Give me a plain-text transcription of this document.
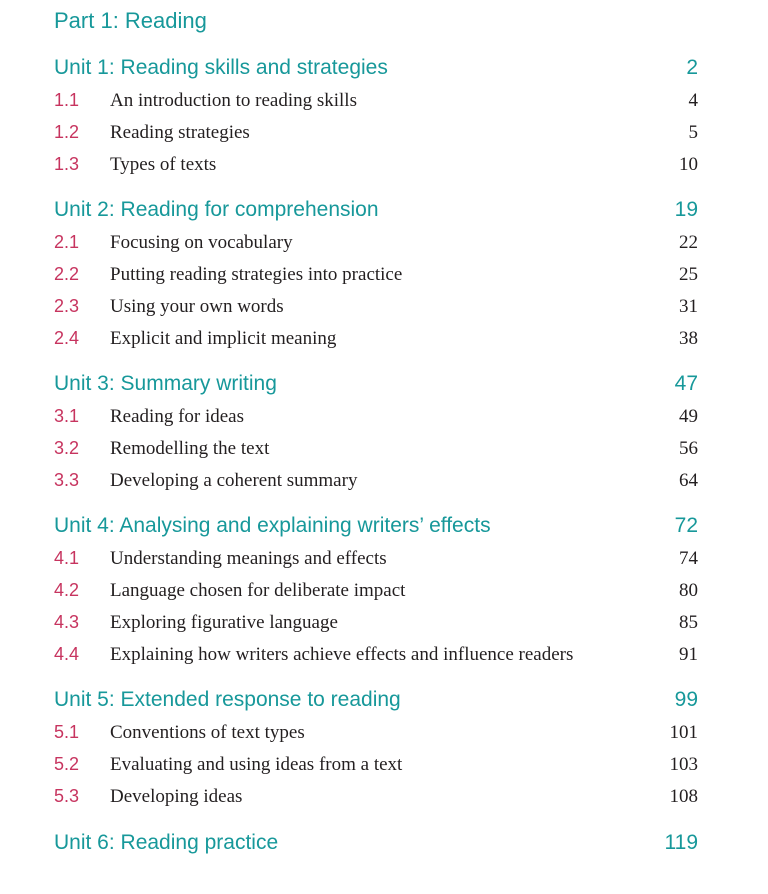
Part 1: Reading
Unit 1: Reading skills and strategies	2
1.1	An introduction to reading skills	4
1.2	Reading strategies	5
1.3	Types of texts	10
Unit 2: Reading for comprehension	19
2.1	Focusing on vocabulary	22
2.2	Putting reading strategies into practice	25
2.3	Using your own words	31
2.4	Explicit and implicit meaning	38
Unit 3: Summary writing	47
3.1	Reading for ideas	49
3.2	Remodelling the text	56
3.3	Developing a coherent summary	64
Unit 4: Analysing and explaining writers’ effects	72
4.1	Understanding meanings and effects	74
4.2	Language chosen for deliberate impact	80
4.3	Exploring figurative language	85
4.4	Explaining how writers achieve effects and influence readers	91
Unit 5: Extended response to reading	99
5.1	Conventions of text types	101
5.2	Evaluating and using ideas from a text	103
5.3	Developing ideas	108
Unit 6: Reading practice	119
